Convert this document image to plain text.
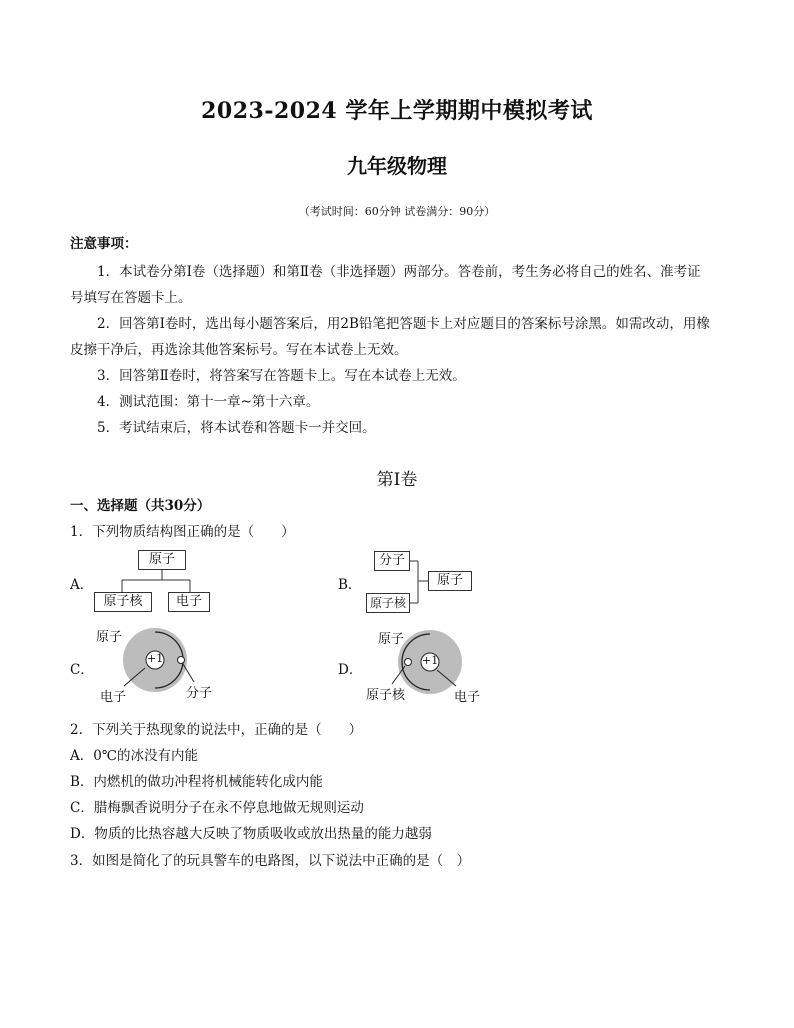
2023-2024 学年上学期期中模拟考试
九年级物理
（考试时间：60分钟 试卷满分：90分）
注意事项：
1．本试卷分第Ⅰ卷（选择题）和第Ⅱ卷（非选择题）两部分。答卷前，考生务必将自己的姓名、准考证
号填写在答题卡上。
2．回答第Ⅰ卷时，选出每小题答案后，用2B铅笔把答题卡上对应题目的答案标号涂黑。如需改动，用橡
皮擦干净后，再选涂其他答案标号。写在本试卷上无效。
3．回答第Ⅱ卷时，将答案写在答题卡上。写在本试卷上无效。
4．测试范围：第十一章~第十六章。
5．考试结束后，将本试卷和答题卡一并交回。
第Ⅰ卷
一、选择题（共30分）
1．下列物质结构图正确的是（　　）
A．
原子
原子核	电子
B．
分子
原子核
原子
C．
原子
+1
电子	分子
D．
原子
+1
原子核	电子
2．下列关于热现象的说法中，正确的是（　　）
A．0℃的冰没有内能
B．内燃机的做功冲程将机械能转化成内能
C．腊梅飘香说明分子在永不停息地做无规则运动
D．物质的比热容越大反映了物质吸收或放出热量的能力越弱
3．如图是简化了的玩具警车的电路图，以下说法中正确的是（　）
